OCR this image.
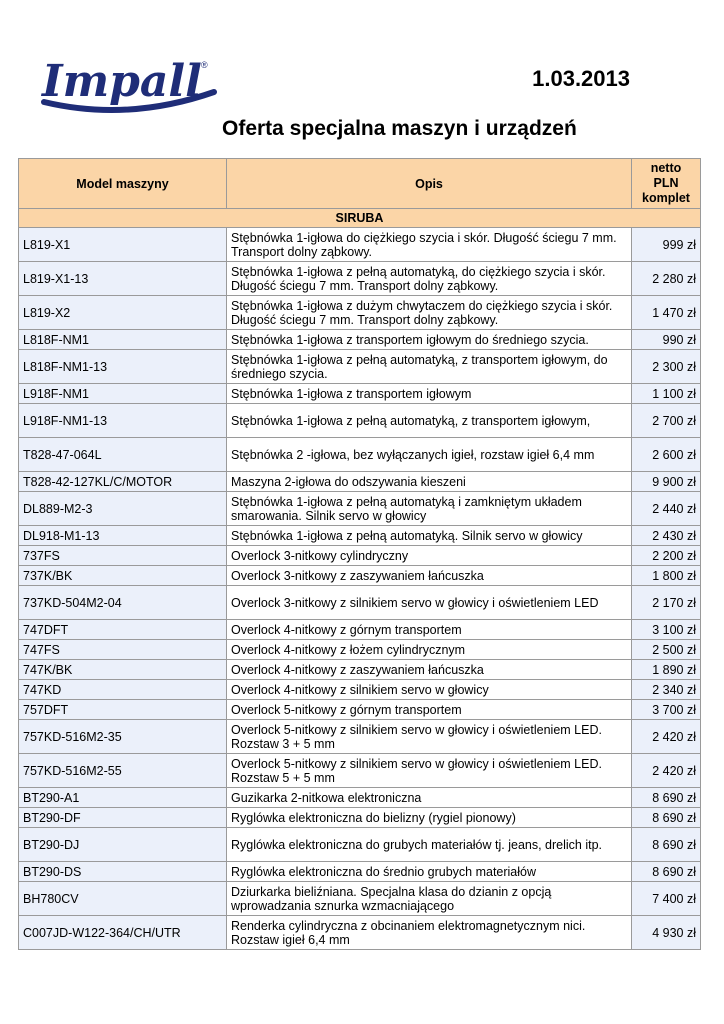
Impall ®
1.03.2013
Oferta specjalna maszyn i urządzeń
Model maszyny	Opis	netto
PLN
komplet
SIRUBA		
L819-X1	Stębnówka 1-igłowa do ciężkiego szycia i skór. Długość ściegu 7 mm. Transport dolny ząbkowy.	999 zł
L819-X1-13	Stębnówka 1-igłowa z pełną automatyką, do ciężkiego szycia i skór. Długość ściegu 7 mm. Transport dolny ząbkowy.	2 280 zł
L819-X2	Stębnówka 1-igłowa z dużym chwytaczem do ciężkiego szycia i skór. Długość ściegu 7 mm. Transport dolny ząbkowy.	1 470 zł
L818F-NM1	Stębnówka 1-igłowa z transportem igłowym do średniego szycia.	990 zł
L818F-NM1-13	Stębnówka 1-igłowa z pełną automatyką, z transportem igłowym, do średniego szycia.	2 300 zł
L918F-NM1	Stębnówka 1-igłowa z transportem igłowym	1 100 zł
L918F-NM1-13	Stębnówka 1-igłowa z pełną automatyką, z transportem igłowym,	2 700 zł
T828-47-064L	Stębnówka 2 -igłowa, bez wyłączanych igieł, rozstaw igieł 6,4 mm	2 600 zł
T828-42-127KL/C/MOTOR	Maszyna 2-igłowa do odszywania kieszeni	9 900 zł
DL889-M2-3	Stębnówka 1-igłowa z pełną automatyką i zamkniętym układem smarowania. Silnik servo w głowicy	2 440 zł
DL918-M1-13	Stębnówka 1-igłowa z pełną automatyką. Silnik servo w głowicy	2 430 zł
737FS	Overlock 3-nitkowy cylindryczny	2 200 zł
737K/BK	Overlock 3-nitkowy z zaszywaniem łańcuszka	1 800 zł
737KD-504M2-04	Overlock 3-nitkowy z silnikiem servo w głowicy i oświetleniem LED	2 170 zł
747DFT	Overlock 4-nitkowy z górnym transportem	3 100 zł
747FS	Overlock 4-nitkowy z łożem cylindrycznym	2 500 zł
747K/BK	Overlock 4-nitkowy z zaszywaniem łańcuszka	1 890 zł
747KD	Overlock 4-nitkowy z silnikiem servo w głowicy	2 340 zł
757DFT	Overlock 5-nitkowy z górnym transportem	3 700 zł
757KD-516M2-35	Overlock 5-nitkowy z silnikiem servo w głowicy i oświetleniem LED. Rozstaw 3 + 5 mm	2 420 zł
757KD-516M2-55	Overlock 5-nitkowy z silnikiem servo w głowicy i oświetleniem LED. Rozstaw 5 + 5 mm	2 420 zł
BT290-A1	Guzikarka 2-nitkowa elektroniczna	8 690 zł
BT290-DF	Ryglówka elektroniczna do bielizny (rygiel pionowy)	8 690 zł
BT290-DJ	Ryglówka elektroniczna do grubych materiałów tj. jeans, drelich itp.	8 690 zł
BT290-DS	Ryglówka elektroniczna do średnio grubych materiałów	8 690 zł
BH780CV	Dziurkarka bieliźniana. Specjalna klasa do dzianin z opcją wprowadzania sznurka wzmacniającego	7 400 zł
C007JD-W122-364/CH/UTR	Renderka cylindryczna z obcinaniem elektromagnetycznym nici. Rozstaw igieł 6,4 mm	4 930 zł
